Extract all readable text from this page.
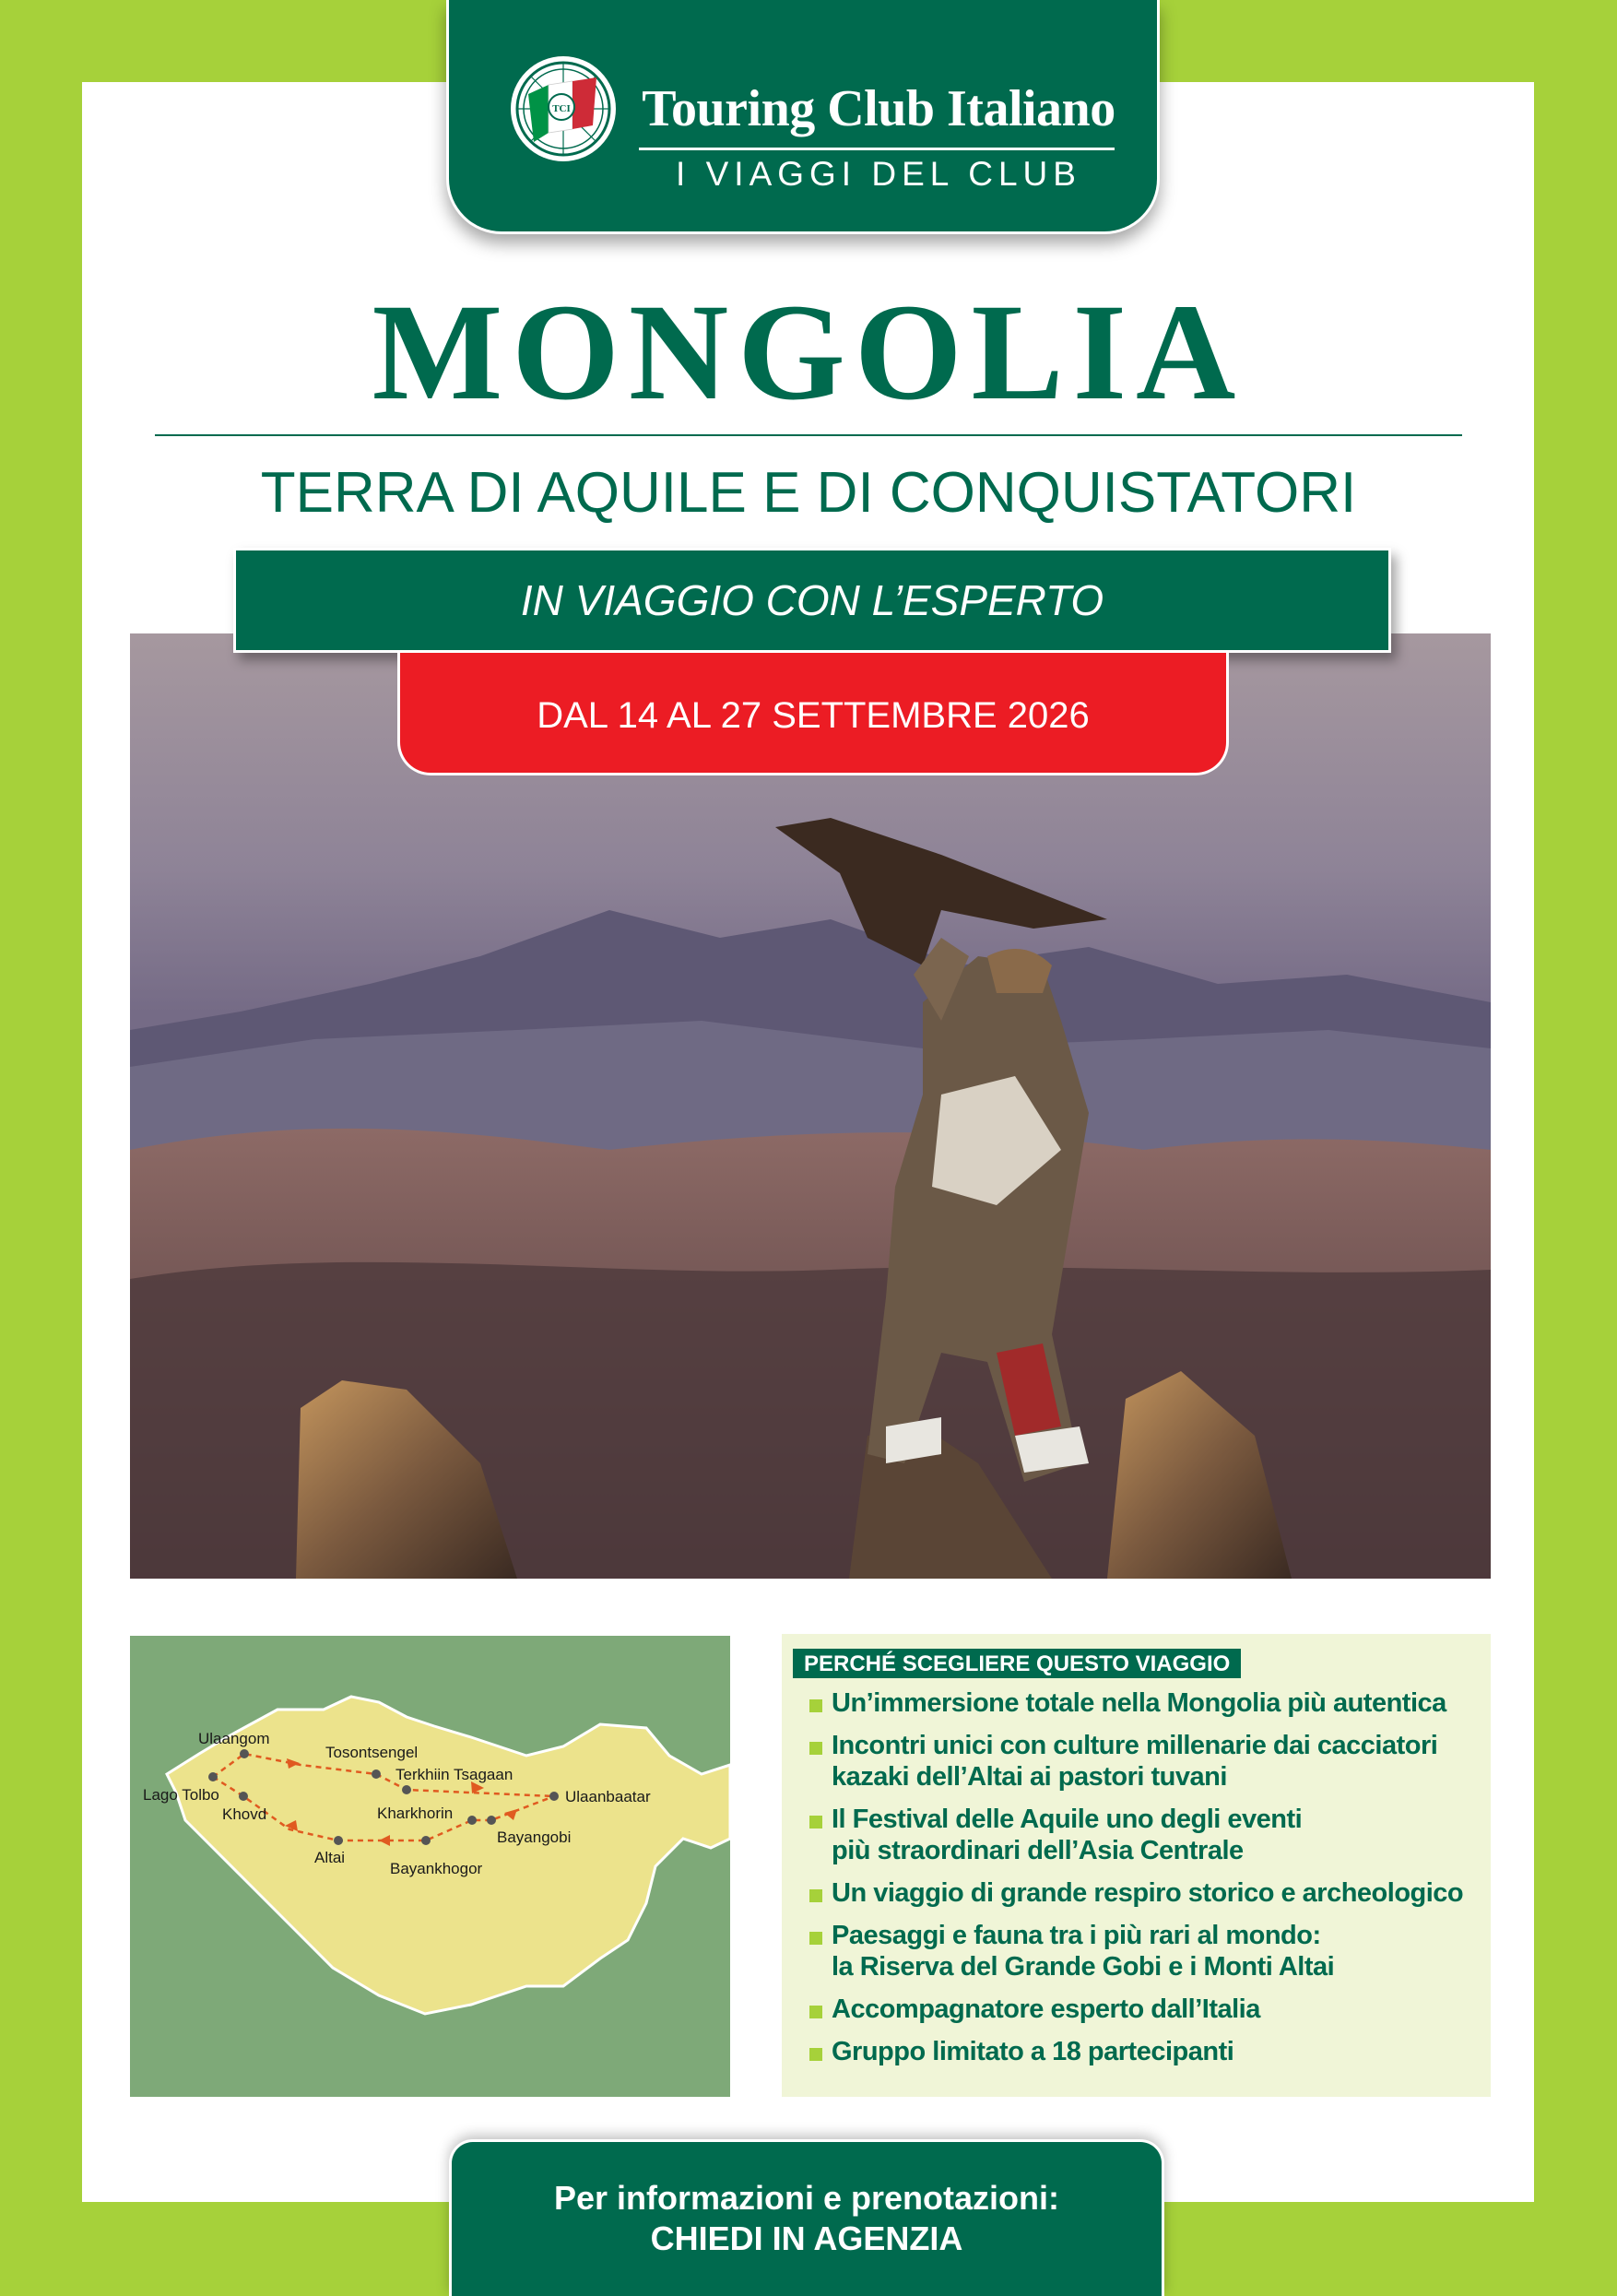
TCI Touring Club Italiano
I VIAGGI DEL CLUB
MONGOLIA
TERRA DI AQUILE E DI CONQUISTATORI
IN VIAGGIO CON L’ESPERTO
DAL 14 AL 27 SETTEMBRE 2026
Ulaangom
Tosontsengel
Terkhiin Tsagaan
Ulaanbaatar
Lago Tolbo
Khovd	Kharkhorin
Bayangobi
Altai
Bayankhogor
PERCHÉ SCEGLIERE QUESTO VIAGGIO
Un’immersione totale nella Mongolia più autentica
Incontri unici con culture millenarie dai cacciatori
kazaki dell’Altai ai pastori tuvani
Il Festival delle Aquile uno degli eventi
più straordinari dell’Asia Centrale
Un viaggio di grande respiro storico e archeologico
Paesaggi e fauna tra i più rari al mondo:
la Riserva del Grande Gobi e i Monti Altai
Accompagnatore esperto dall’Italia
Gruppo limitato a 18 partecipanti
Per informazioni e prenotazioni:
CHIEDI IN AGENZIA
